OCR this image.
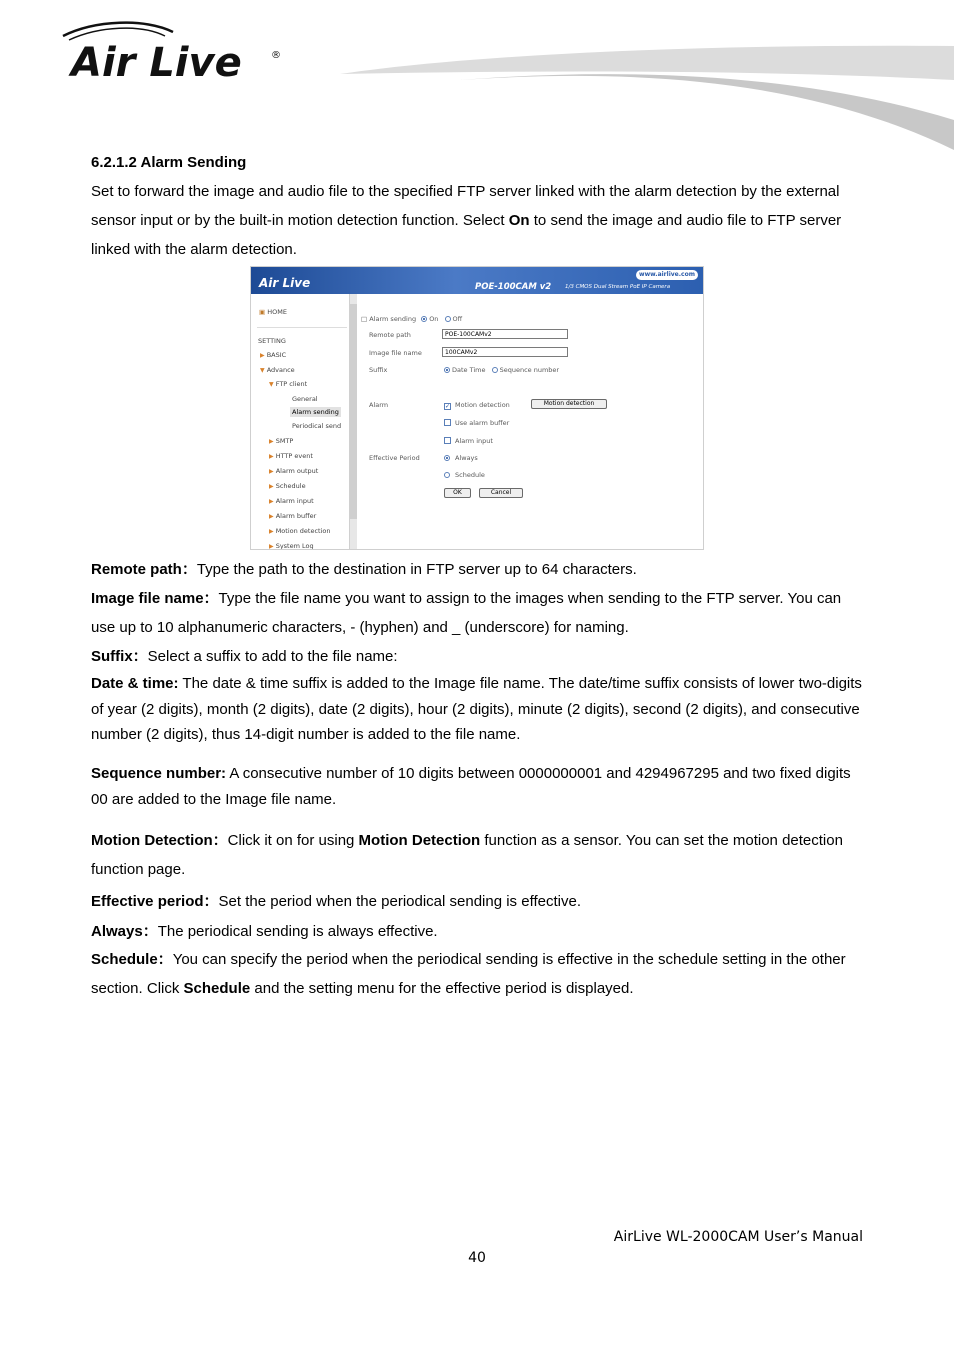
Air Live	®

6.2.1.2 Alarm Sending

Set to forward the image and audio file to the specified FTP server linked with the alarm detection by the external sensor input or by the built-in motion detection function. Select On to send the image and audio file to FTP server linked with the alarm detection.

Air Live	POE-100CAM v2	1/3 CMOS Dual Stream PoE IP Camera
www.airlive.com
▣ HOME
SETTING
▶ BASIC
▼ Advance
▼ FTP client
General
Alarm sending
Periodical send
▶ SMTP
▶ HTTP event
▶ Alarm output
▶ Schedule
▶ Alarm input
▶ Alarm buffer
▶ Motion detection
▶ System Log
□ Alarm sending On Off
Remote path	POE-100CAMv2
Image file name	100CAMv2
Suffix	Date Time Sequence number
Alarm	✓ Motion detection	Motion detection
Use alarm buffer
Alarm input
Effective Period	Always
Schedule
OK	Cancel

Remote path：Type the path to the destination in FTP server up to 64 characters.

Image file name：Type the file name you want to assign to the images when sending to the FTP server. You can use up to 10 alphanumeric characters, - (hyphen) and _ (underscore) for naming.

Suffix：Select a suffix to add to the file name:

Date & time: The date & time suffix is added to the Image file name. The date/time suffix consists of lower two-digits of year (2 digits), month (2 digits), date (2 digits), hour (2 digits), minute (2 digits), second (2 digits), and consecutive number (2 digits), thus 14-digit number is added to the file name.

Sequence number: A consecutive number of 10 digits between 0000000001 and 4294967295 and two fixed digits 00 are added to the Image file name.

Motion Detection：Click it on for using Motion Detection function as a sensor. You can set the motion detection function page.

Effective period：Set the period when the periodical sending is effective.

Always：The periodical sending is always effective.

Schedule：You can specify the period when the periodical sending is effective in the schedule setting in the other section. Click Schedule and the setting menu for the effective period is displayed.

AirLive WL-2000CAM User’s Manual
40
